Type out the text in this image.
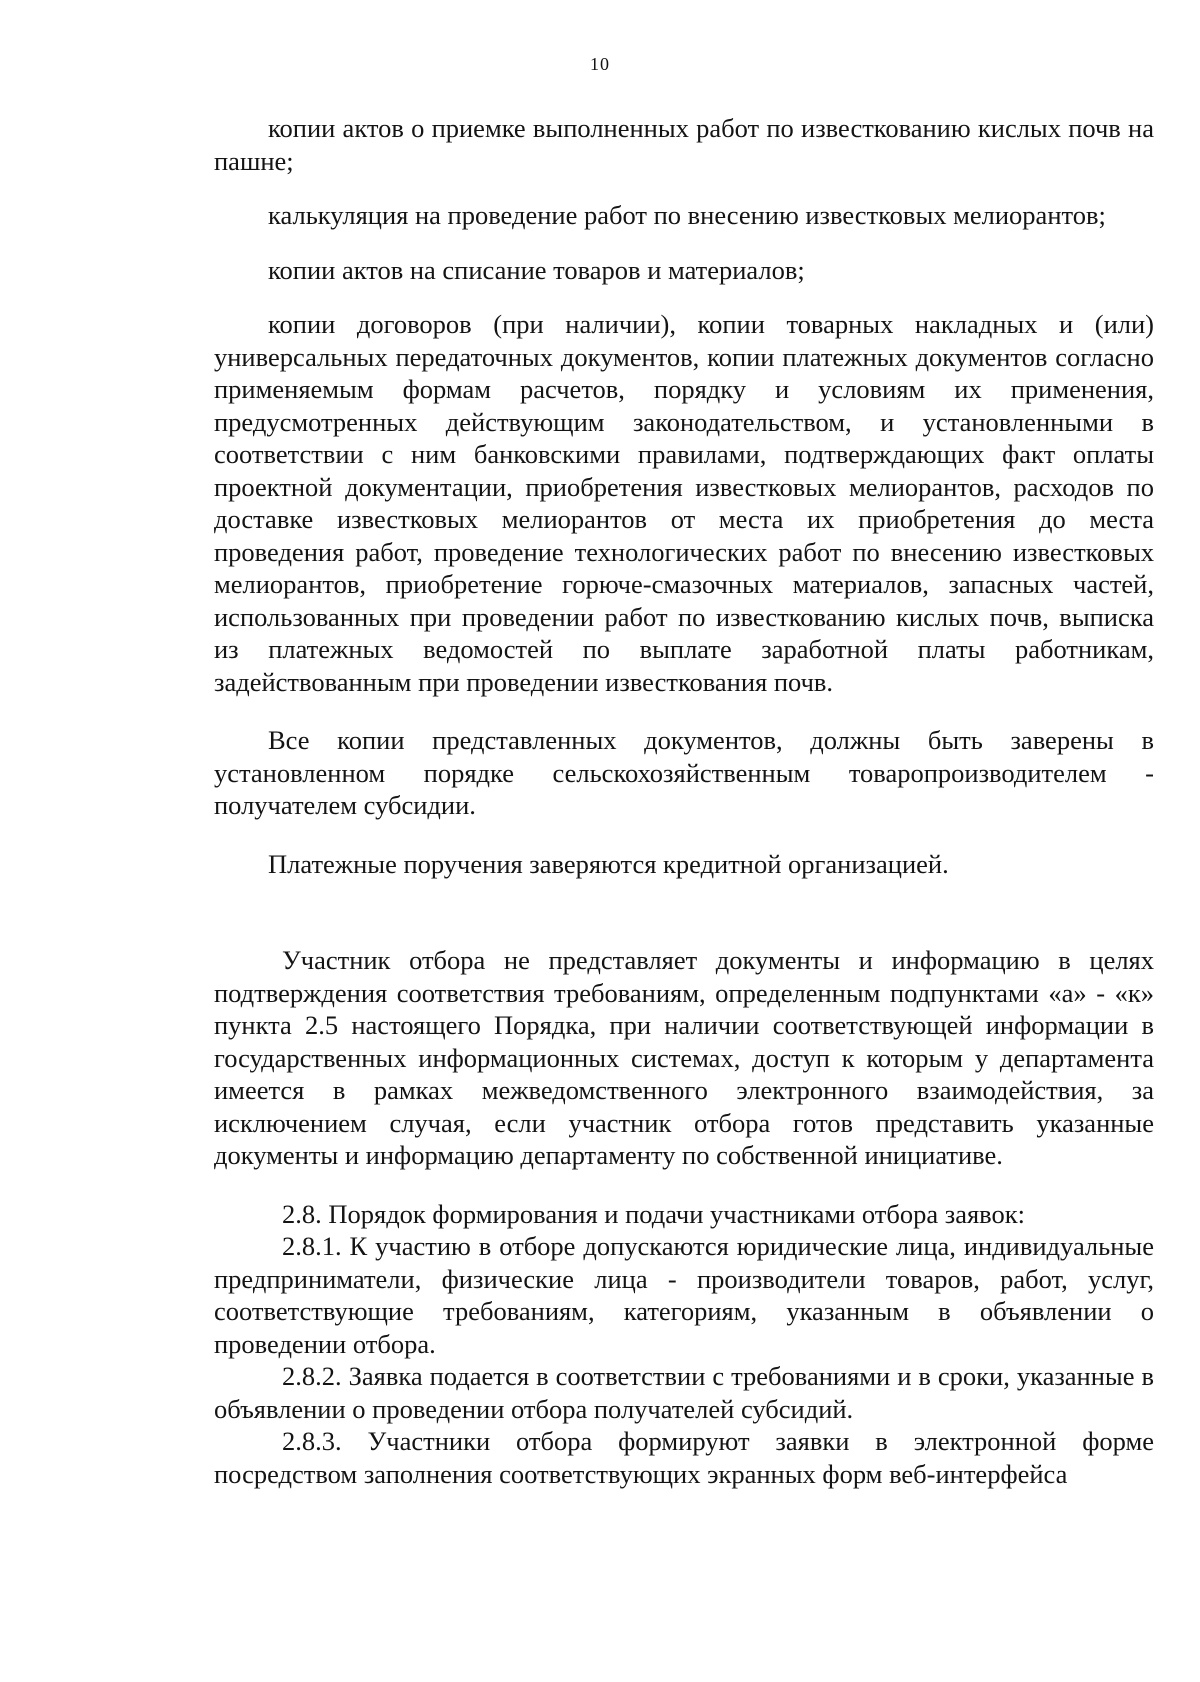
10

копии актов о приемке выполненных работ по известкованию кислых почв на пашне;

калькуляция на проведение работ по внесению известковых мелиорантов;

копии актов на списание товаров и материалов;

копии договоров (при наличии), копии товарных накладных и (или) универсальных передаточных документов, копии платежных документов согласно применяемым формам расчетов, порядку и условиям их применения, предусмотренных действующим законодательством, и установленными в соответствии с ним банковскими правилами, подтверждающих факт оплаты проектной документации, приобретения известковых мелиорантов, расходов по доставке известковых мелиорантов от места их приобретения до места проведения работ, проведение технологических работ по внесению известковых мелиорантов, приобретение горюче-смазочных материалов, запасных частей, использованных при проведении работ по известкованию кислых почв, выписка из платежных ведомостей по выплате заработной платы работникам, задействованным при проведении известкования почв.

Все копии представленных документов, должны быть заверены в установленном порядке сельскохозяйственным товаропроизводителем - получателем субсидии.

Платежные поручения заверяются кредитной организацией.

Участник отбора не представляет документы и информацию в целях подтверждения соответствия требованиям, определенным подпунктами «а» - «к» пункта 2.5 настоящего Порядка, при наличии соответствующей информации в государственных информационных системах, доступ к которым у департамента имеется в рамках межведомственного электронного взаимодействия, за исключением случая, если участник отбора готов представить указанные документы и информацию департаменту по собственной инициативе.

2.8. Порядок формирования и подачи участниками отбора заявок:

2.8.1. К участию в отборе допускаются юридические лица, индивидуальные предприниматели, физические лица - производители товаров, работ, услуг, соответствующие требованиям, категориям, указанным в объявлении о проведении отбора.

2.8.2. Заявка подается в соответствии с требованиями и в сроки, указанные в объявлении о проведении отбора получателей субсидий.

2.8.3. Участники отбора формируют заявки в электронной форме посредством заполнения соответствующих экранных форм веб-интерфейса
